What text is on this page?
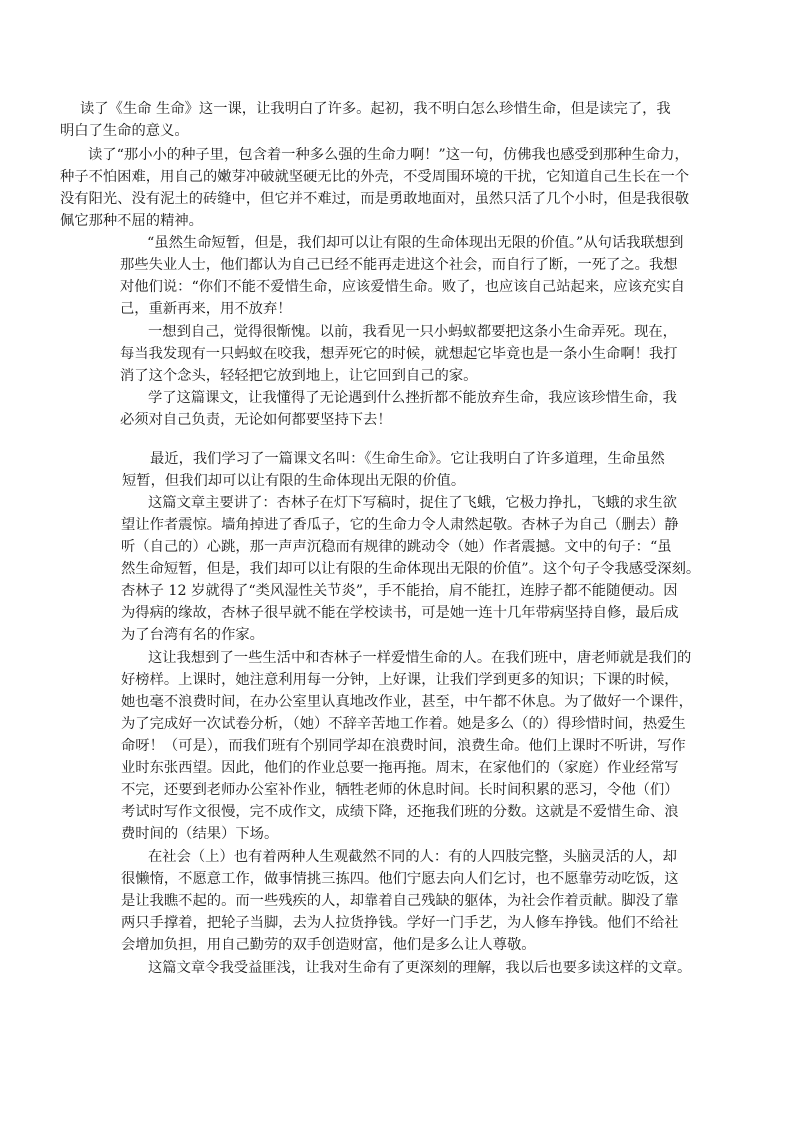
读了《生命 生命》这一课，让我明白了许多。起初，我不明白怎么珍惜生命，但是读完了，我
明白了生命的意义。
读了“那小小的种子里，包含着一种多么强的生命力啊！”这一句，仿佛我也感受到那种生命力，
种子不怕困难，用自己的嫩芽冲破就坚硬无比的外壳，不受周围环境的干扰，它知道自己生长在一个
没有阳光、没有泥土的砖缝中，但它并不难过，而是勇敢地面对，虽然只活了几个小时，但是我很敬
佩它那种不屈的精神。
“虽然生命短暂，但是，我们却可以让有限的生命体现出无限的价值。”从句话我联想到
那些失业人士，他们都认为自己已经不能再走进这个社会，而自行了断，一死了之。我想
对他们说：“你们不能不爱惜生命，应该爱惜生命。败了，也应该自己站起来，应该充实自
己，重新再来，用不放弃！
一想到自己，觉得很惭愧。以前，我看见一只小蚂蚁都要把这条小生命弄死。现在，
每当我发现有一只蚂蚁在咬我，想弄死它的时候，就想起它毕竟也是一条小生命啊！我打
消了这个念头，轻轻把它放到地上，让它回到自己的家。
学了这篇课文，让我懂得了无论遇到什么挫折都不能放弃生命，我应该珍惜生命，我
必须对自己负责，无论如何都要坚持下去！
最近，我们学习了一篇课文名叫：《生命生命》。它让我明白了许多道理，生命虽然
短暂，但我们却可以让有限的生命体现出无限的价值。
这篇文章主要讲了：杏林子在灯下写稿时，捉住了飞蛾，它极力挣扎，飞蛾的求生欲
望让作者震惊。墙角掉进了香瓜子，它的生命力令人肃然起敬。杏林子为自己（删去）静
听（自己的）心跳，那一声声沉稳而有规律的跳动令（她）作者震撼。文中的句子：“虽
然生命短暂，但是，我们却可以让有限的生命体现出无限的价值”。这个句子令我感受深刻。
杏林子 12 岁就得了“类风湿性关节炎”，手不能抬，肩不能扛，连脖子都不能随便动。因
为得病的缘故，杏林子很早就不能在学校读书，可是她一连十几年带病坚持自修，最后成
为了台湾有名的作家。
这让我想到了一些生活中和杏林子一样爱惜生命的人。在我们班中，唐老师就是我们的
好榜样。上课时，她注意利用每一分钟，上好课，让我们学到更多的知识；下课的时候，
她也毫不浪费时间，在办公室里认真地改作业，甚至，中午都不休息。为了做好一个课件，
为了完成好一次试卷分析，（她）不辞辛苦地工作着。她是多么（的）得珍惜时间，热爱生
命呀！（可是），而我们班有个别同学却在浪费时间，浪费生命。他们上课时不听讲，写作
业时东张西望。因此，他们的作业总要一拖再拖。周末，在家他们的（家庭）作业经常写
不完，还要到老师办公室补作业，牺牲老师的休息时间。长时间积累的恶习，令他（们）
考试时写作文很慢，完不成作文，成绩下降，还拖我们班的分数。这就是不爱惜生命、浪
费时间的（结果）下场。
在社会（上）也有着两种人生观截然不同的人：有的人四肢完整，头脑灵活的人，却
很懒惰，不愿意工作，做事情挑三拣四。他们宁愿去向人们乞讨，也不愿靠劳动吃饭，这
是让我瞧不起的。而一些残疾的人，却靠着自己残缺的躯体，为社会作着贡献。脚没了靠
两只手撑着，把轮子当脚，去为人拉货挣钱。学好一门手艺，为人修车挣钱。他们不给社
会增加负担，用自己勤劳的双手创造财富，他们是多么让人尊敬。
这篇文章令我受益匪浅，让我对生命有了更深刻的理解，我以后也要多读这样的文章。
